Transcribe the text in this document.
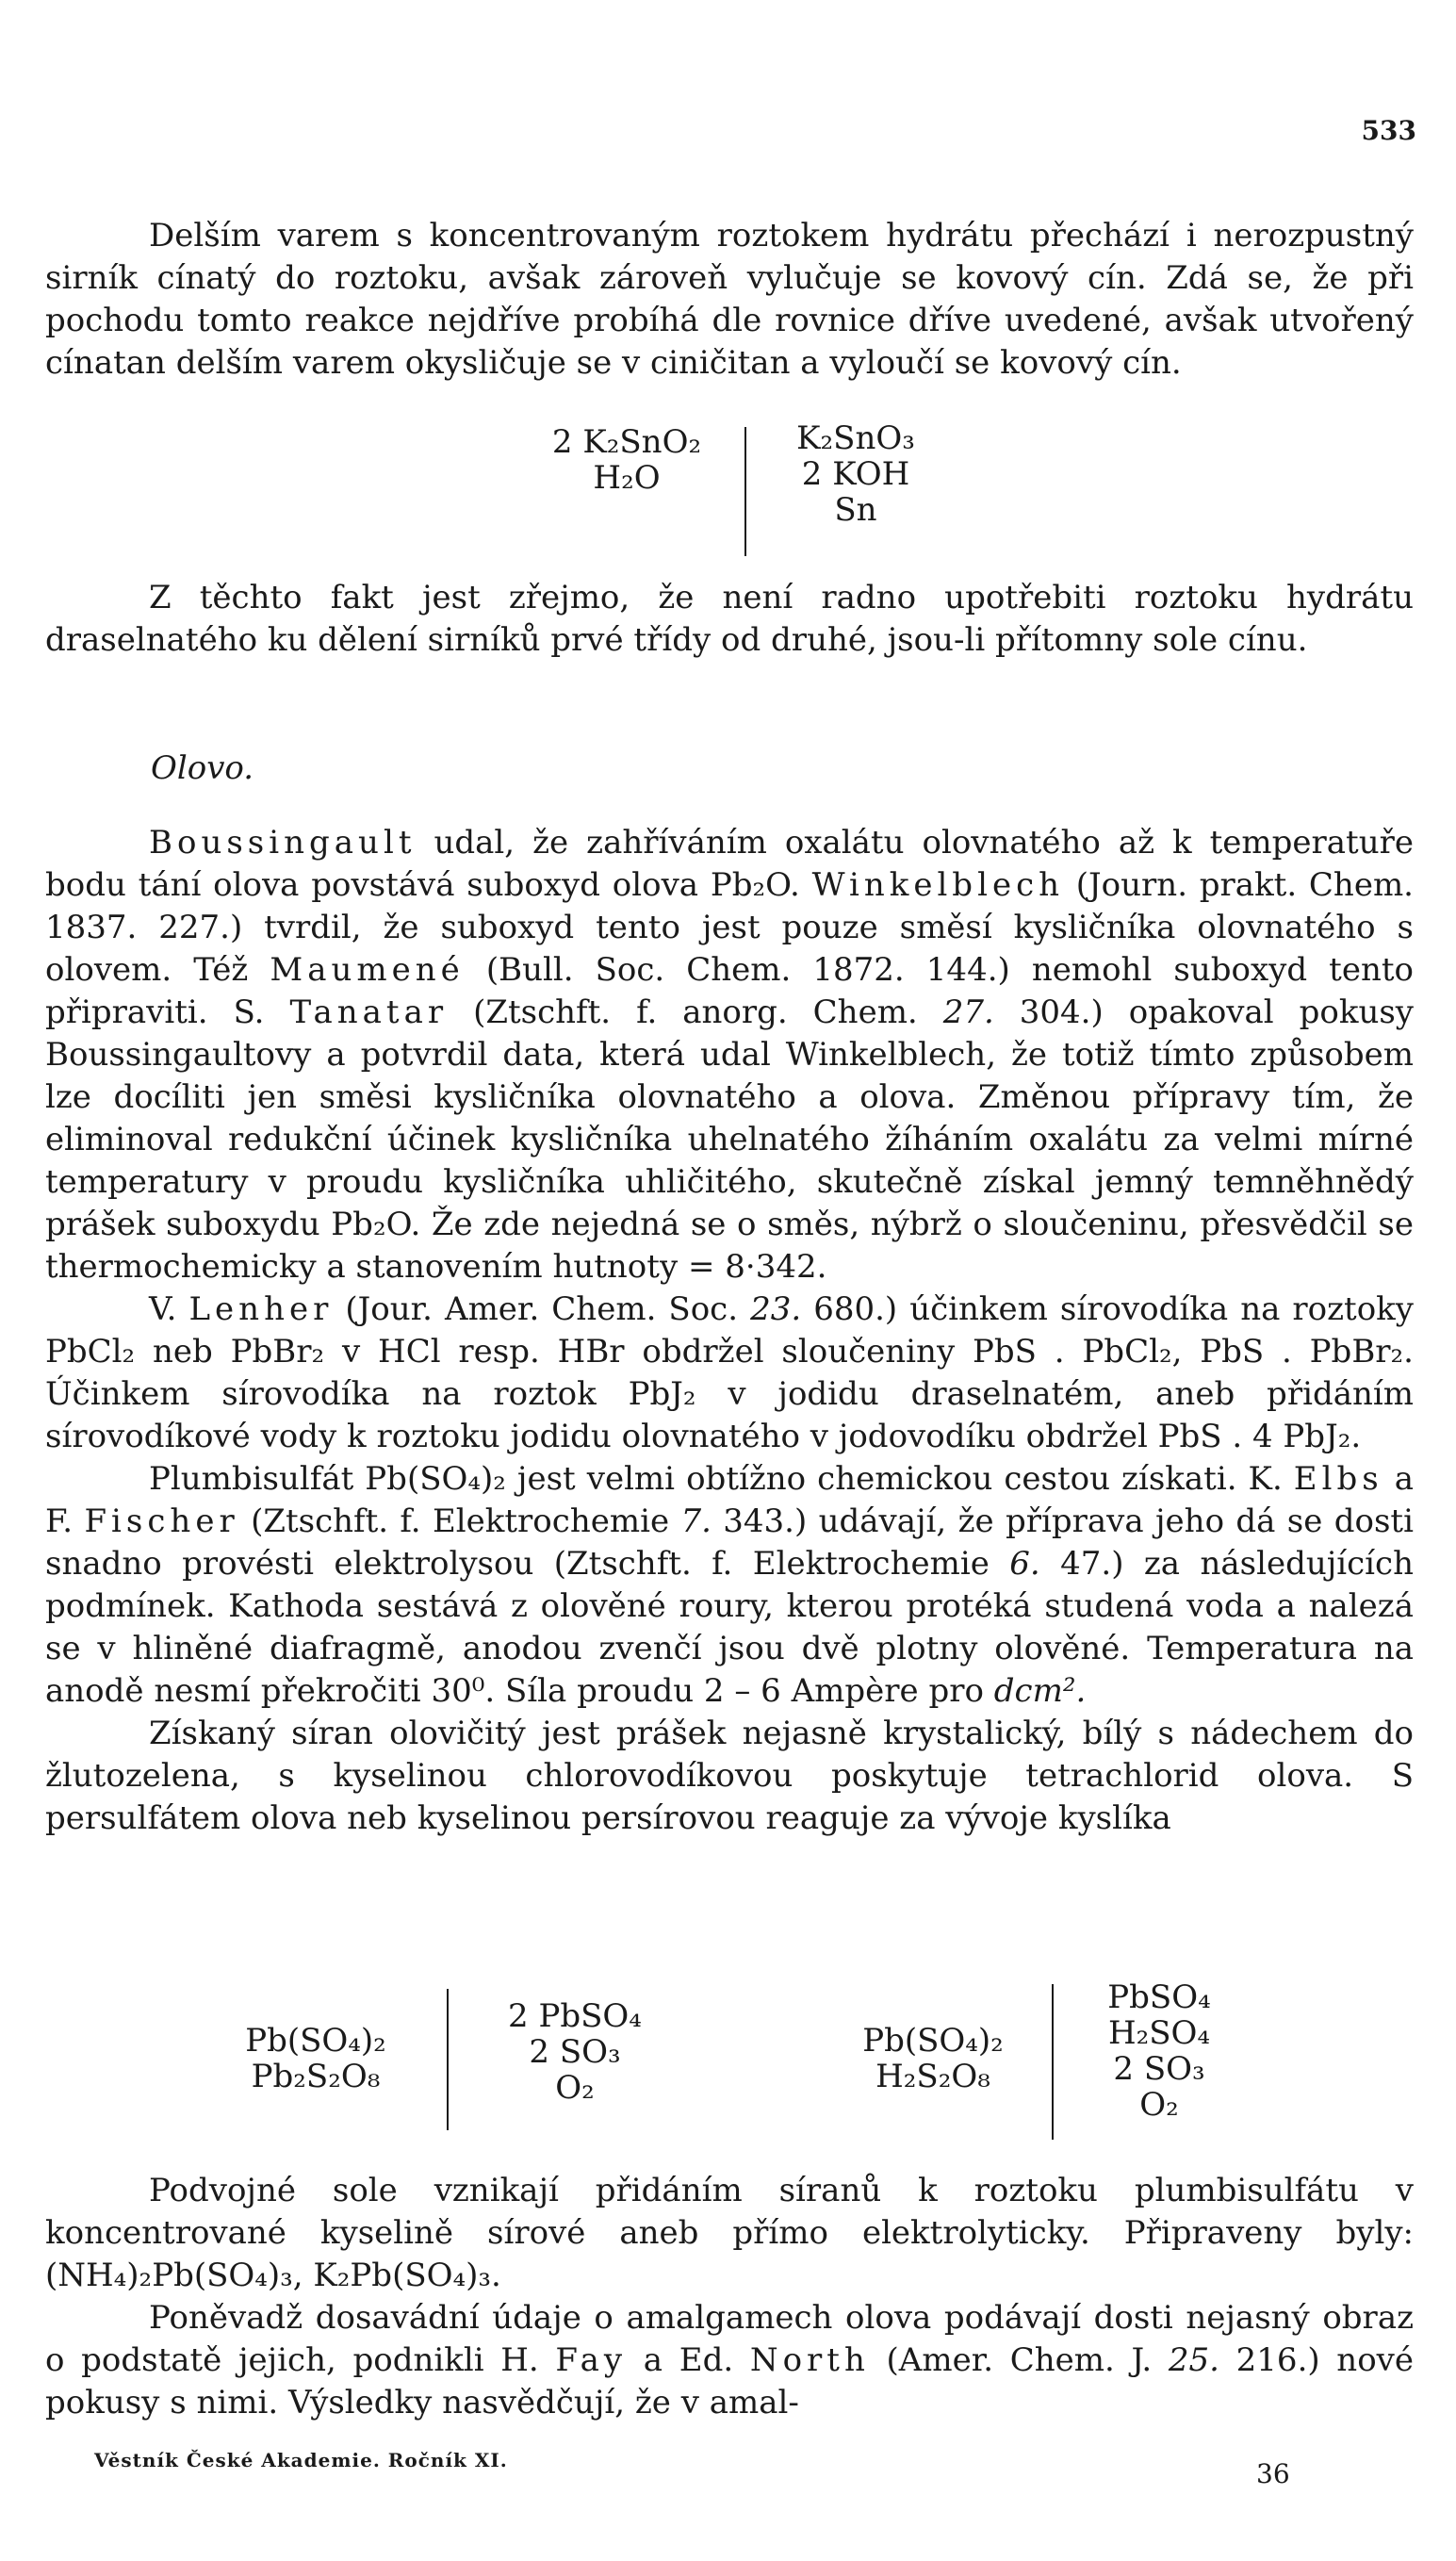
533

Delším varem s koncentrovaným roztokem hydrátu přechází i nerozpustný sirník cínatý do roztoku, avšak zároveň vylučuje se kovový cín. Zdá se, že při pochodu tomto reakce nejdříve probíhá dle rovnice dříve uvedené, avšak utvořený cínatan delším varem okysličuje se v ciničitan a vyloučí se kovový cín.

2 K₂SnO₂
H₂O
K₂SnO₃
2 KOH
Sn

Z těchto fakt jest zřejmo, že není radno upotřebiti roztoku hydrátu draselnatého ku dělení sirníků prvé třídy od druhé, jsou-li přítomny sole cínu.

Olovo.

Boussingault udal, že zahříváním oxalátu olovnatého až k temperatuře bodu tání olova povstává suboxyd olova Pb₂O. Winkelblech (Journ. prakt. Chem. 1837. 227.) tvrdil, že suboxyd tento jest pouze směsí kysličníka olovnatého s olovem. Též Maumené (Bull. Soc. Chem. 1872. 144.) nemohl suboxyd tento připraviti. S. Tanatar (Ztschft. f. anorg. Chem. 27. 304.) opakoval pokusy Boussingaultovy a potvrdil data, která udal Winkelblech, že totiž tímto způsobem lze docíliti jen směsi kysličníka olovnatého a olova. Změnou přípravy tím, že eliminoval redukční účinek kysličníka uhelnatého žíháním oxalátu za velmi mírné temperatury v proudu kysličníka uhličitého, skutečně získal jemný temněhnědý prášek suboxydu Pb₂O. Že zde nejedná se o směs, nýbrž o sloučeninu, přesvědčil se thermochemicky a stanovením hutnoty = 8·342.

V. Lenher (Jour. Amer. Chem. Soc. 23. 680.) účinkem sírovodíka na roztoky PbCl₂ neb PbBr₂ v HCl resp. HBr obdržel sloučeniny PbS . PbCl₂, PbS . PbBr₂. Účinkem sírovodíka na roztok PbJ₂ v jodidu draselnatém, aneb přidáním sírovodíkové vody k roztoku jodidu olovnatého v jodovodíku obdržel PbS . 4 PbJ₂.

Plumbisulfát Pb(SO₄)₂ jest velmi obtížno chemickou cestou získati. K. Elbs a F. Fischer (Ztschft. f. Elektrochemie 7. 343.) udávají, že příprava jeho dá se dosti snadno provésti elektrolysou (Ztschft. f. Elektrochemie 6. 47.) za následujících podmínek. Kathoda sestává z olověné roury, kterou protéká studená voda a nalezá se v hliněné diafragmě, anodou zvenčí jsou dvě plotny olověné. Temperatura na anodě nesmí překročiti 30⁰. Síla proudu 2 – 6 Ampère pro dcm².

Získaný síran olovičitý jest prášek nejasně krystalický, bílý s nádechem do žlutozelena, s kyselinou chlorovodíkovou poskytuje tetrachlorid olova. S persulfátem olova neb kyselinou persírovou reaguje za vývoje kyslíka

Pb(SO₄)₂
Pb₂S₂O₈
2 PbSO₄
2 SO₃
O₂
Pb(SO₄)₂
H₂S₂O₈
PbSO₄
H₂SO₄
2 SO₃
O₂

Podvojné sole vznikají přidáním síranů k roztoku plumbisulfátu v koncentrované kyselině sírové aneb přímo elektrolyticky. Připraveny byly: (NH₄)₂Pb(SO₄)₃, K₂Pb(SO₄)₃.

Poněvadž dosavádní údaje o amalgamech olova podávají dosti nejasný obraz o podstatě jejich, podnikli H. Fay a Ed. North (Amer. Chem. J. 25. 216.) nové pokusy s nimi. Výsledky nasvědčují, že v amal-

Věstník České Akademie. Ročník XI.	36
